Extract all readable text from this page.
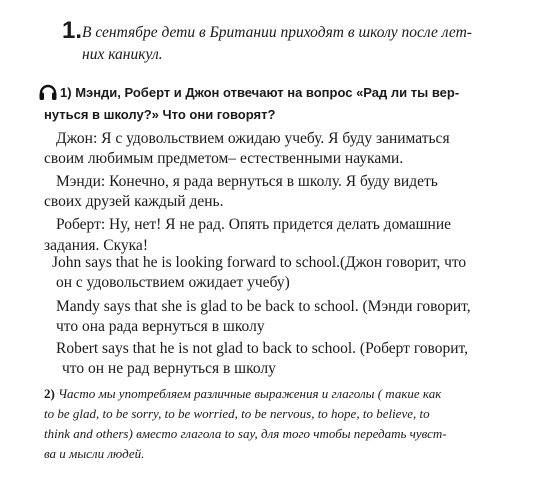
1. В сентябре дети в Британии приходят в школу после лет-
них каникул.
1) Мэнди, Роберт и Джон отвечают на вопрос «Рад ли ты вер-
нуться в школу?» Что они говорят?
Джон: Я с удовольствием ожидаю учебу. Я буду заниматься
своим любимым предметом– естественными науками.
Мэнди: Конечно, я рада вернуться в школу. Я буду видеть
своих друзей каждый день.
Роберт: Ну, нет! Я не рад. Опять придется делать домашние
задания. Скука!
John says that he is looking forward to school.(Джон говорит, что
он с удовольствием ожидает учебу)
Mandy says that she is glad to be back to school. (Мэнди говорит,
что она рада вернуться в школу
Robert says that he is not glad to back to school. (Роберт говорит,
что он не рад вернуться в школу
2) Часто мы употребляем различные выражения и глаголы ( такие как
to be glad, to be sorry, to be worried, to be nervous, to hope, to believe, to
think and others) вместо глагола to say, для того чтобы передать чувст-
ва и мысли людей.
